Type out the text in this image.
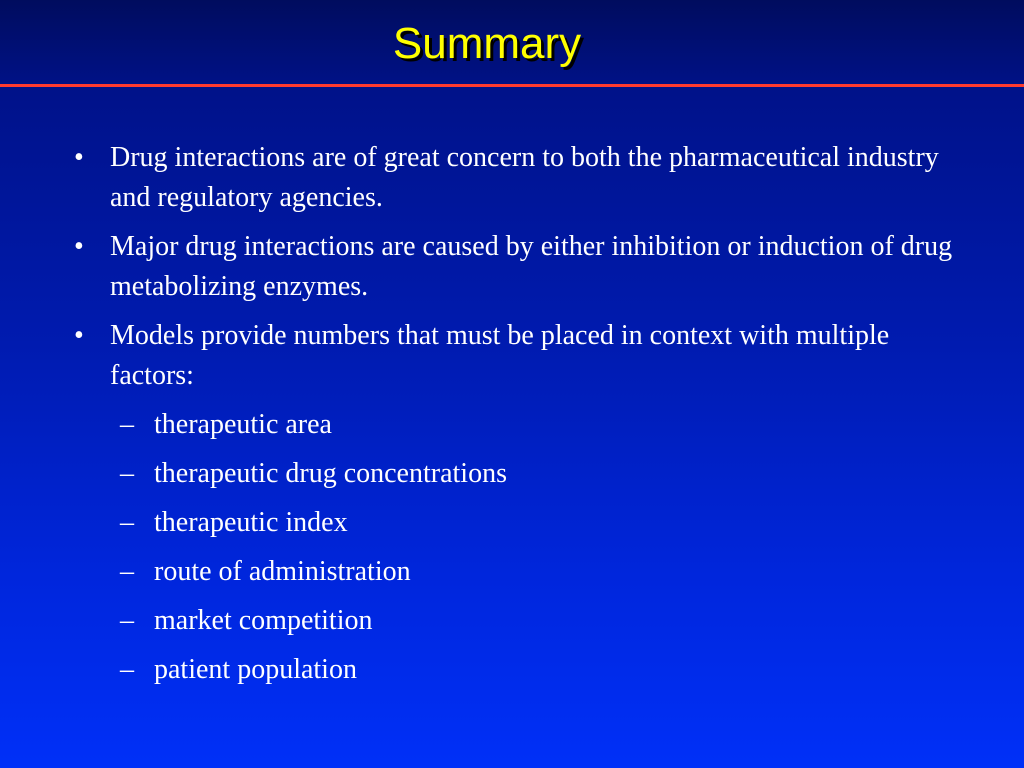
Summary
• Drug interactions are of great concern to both the pharmaceutical industry and regulatory agencies.
• Major drug interactions are caused by either inhibition or induction of drug metabolizing enzymes.
• Models provide numbers that must be placed in context with multiple factors:
– therapeutic area
– therapeutic drug concentrations
– therapeutic index
– route of administration
– market competition
– patient population
